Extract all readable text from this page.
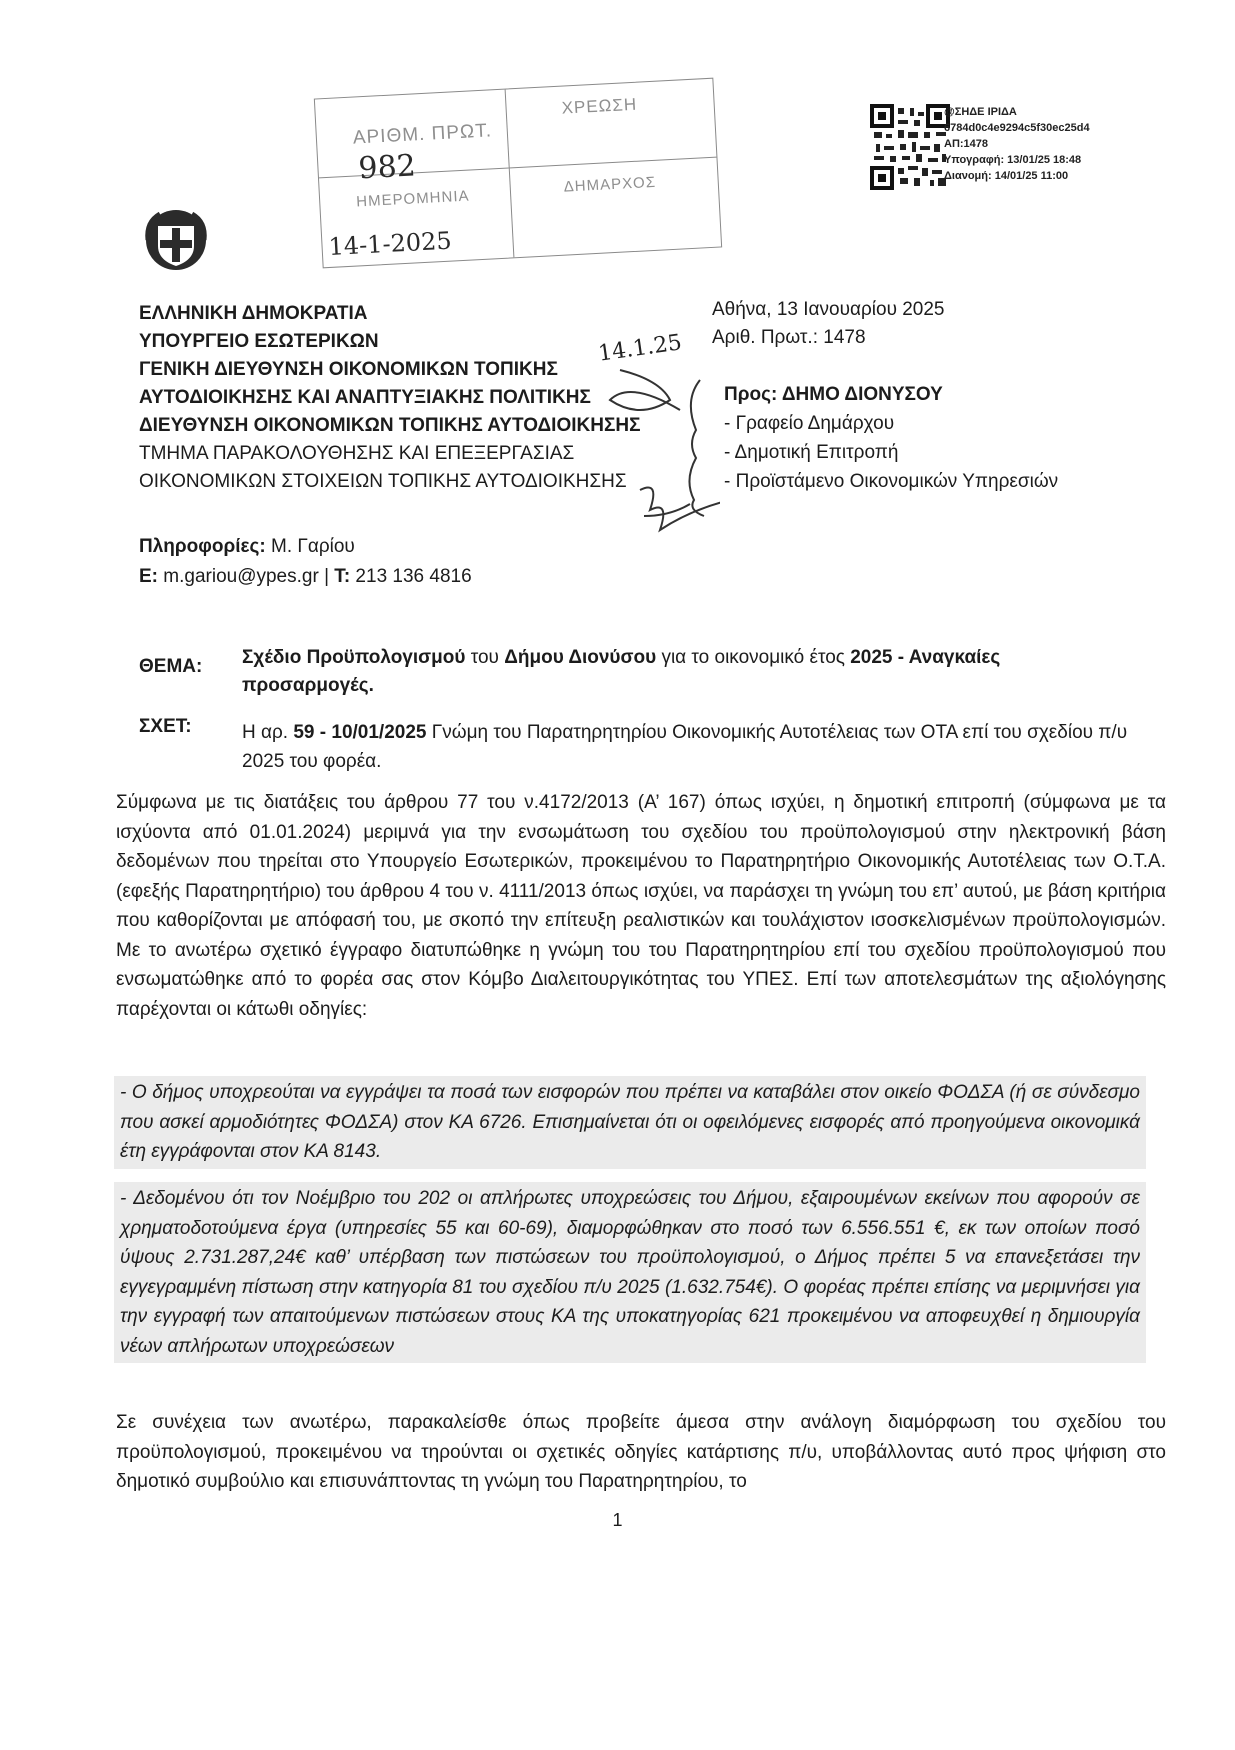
ΑΡΙΘΜ. ΠΡΩΤ.
982
ΧΡΕΩΣΗ
ΗΜΕΡΟΜΗΝΙΑ
14-1-2025
ΔΗΜΑΡΧΟΣ
@ΣΗΔΕ ΙΡΙΔΑ
6784d0c4e9294c5f30ec25d4
ΑΠ:1478
Υπογραφή: 13/01/25 18:48
Διανομή: 14/01/25 11:00
ΕΛΛΗΝΙΚΗ ΔΗΜΟΚΡΑΤΙΑ
ΥΠΟΥΡΓΕΙΟ ΕΣΩΤΕΡΙΚΩΝ
ΓΕΝΙΚΗ ΔΙΕΥΘΥΝΣΗ ΟΙΚΟΝΟΜΙΚΩΝ ΤΟΠΙΚΗΣ
ΑΥΤΟΔΙΟΙΚΗΣΗΣ ΚΑΙ ΑΝΑΠΤΥΞΙΑΚΗΣ ΠΟΛΙΤΙΚΗΣ
ΔΙΕΥΘΥΝΣΗ ΟΙΚΟΝΟΜΙΚΩΝ ΤΟΠΙΚΗΣ ΑΥΤΟΔΙΟΙΚΗΣΗΣ
ΤΜΗΜΑ ΠΑΡΑΚΟΛΟΥΘΗΣΗΣ ΚΑΙ ΕΠΕΞΕΡΓΑΣΙΑΣ
ΟΙΚΟΝΟΜΙΚΩΝ ΣΤΟΙΧΕΙΩΝ ΤΟΠΙΚΗΣ ΑΥΤΟΔΙΟΙΚΗΣΗΣ
Αθήνα, 13 Ιανουαρίου 2025
Αριθ. Πρωτ.: 1478
14.1.25
Προς: ΔΗΜΟ ΔΙΟΝΥΣΟΥ
- Γραφείο Δημάρχου
- Δημοτική Επιτροπή
- Προϊστάμενο Οικονομικών Υπηρεσιών
Πληροφορίες: Μ. Γαρίου
Ε: m.gariou@ypes.gr | Τ: 213 136 4816
ΘΕΜΑ: Σχέδιο Προϋπολογισμού του Δήμου Διονύσου για το οικονομικό έτος 2025 - Αναγκαίες προσαρμογές.
ΣΧΕΤ:	Η αρ. 59 - 10/01/2025 Γνώμη του Παρατηρητηρίου Οικονομικής Αυτοτέλειας των ΟΤΑ επί του σχεδίου π/υ 2025 του φορέα.
Σύμφωνα με τις διατάξεις του άρθρου 77 του ν.4172/2013 (Α’ 167) όπως ισχύει, η δημοτική επιτροπή (σύμφωνα με τα ισχύοντα από 01.01.2024) μεριμνά για την ενσωμάτωση του σχεδίου του προϋπολογισμού στην ηλεκτρονική βάση δεδομένων που τηρείται στο Υπουργείο Εσωτερικών, προκειμένου το Παρατηρητήριο Οικονομικής Αυτοτέλειας των Ο.Τ.Α. (εφεξής Παρατηρητήριο) του άρθρου 4 του ν. 4111/2013 όπως ισχύει, να παράσχει τη γνώμη του επ’ αυτού, με βάση κριτήρια που καθορίζονται με απόφασή του, με σκοπό την επίτευξη ρεαλιστικών και τουλάχιστον ισοσκελισμένων προϋπολογισμών. Με το ανωτέρω σχετικό έγγραφο διατυπώθηκε η γνώμη του του Παρατηρητηρίου επί του σχεδίου προϋπολογισμού που ενσωματώθηκε από το φορέα σας στον Κόμβο Διαλειτουργικότητας του ΥΠΕΣ. Επί των αποτελεσμάτων της αξιολόγησης παρέχονται οι κάτωθι οδηγίες:
- Ο δήμος υποχρεούται να εγγράψει τα ποσά των εισφορών που πρέπει να καταβάλει στον οικείο ΦΟΔΣΑ (ή σε σύνδεσμο που ασκεί αρμοδιότητες ΦΟΔΣΑ) στον ΚΑ 6726. Επισημαίνεται ότι οι οφειλόμενες εισφορές από προηγούμενα οικονομικά έτη εγγράφονται στον ΚΑ 8143.
- Δεδομένου ότι τον Νοέμβριο του 202 οι απλήρωτες υποχρεώσεις του Δήμου, εξαιρουμένων εκείνων που αφορούν σε χρηματοδοτούμενα έργα (υπηρεσίες 55 και 60-69), διαμορφώθηκαν στο ποσό των 6.556.551 €, εκ των οποίων ποσό ύψους 2.731.287,24€ καθ’ υπέρβαση των πιστώσεων του προϋπολογισμού, ο Δήμος πρέπει 5 να επανεξετάσει την εγγεγραμμένη πίστωση στην κατηγορία 81 του σχεδίου π/υ 2025 (1.632.754€). Ο φορέας πρέπει επίσης να μεριμνήσει για την εγγραφή των απαιτούμενων πιστώσεων στους ΚΑ της υποκατηγορίας 621 προκειμένου να αποφευχθεί η δημιουργία νέων απλήρωτων υποχρεώσεων
Σε συνέχεια των ανωτέρω, παρακαλείσθε όπως προβείτε άμεσα στην ανάλογη διαμόρφωση του σχεδίου του προϋπολογισμού, προκειμένου να τηρούνται οι σχετικές οδηγίες κατάρτισης π/υ, υποβάλλοντας αυτό προς ψήφιση στο δημοτικό συμβούλιο και επισυνάπτοντας τη γνώμη του Παρατηρητηρίου, το
1
